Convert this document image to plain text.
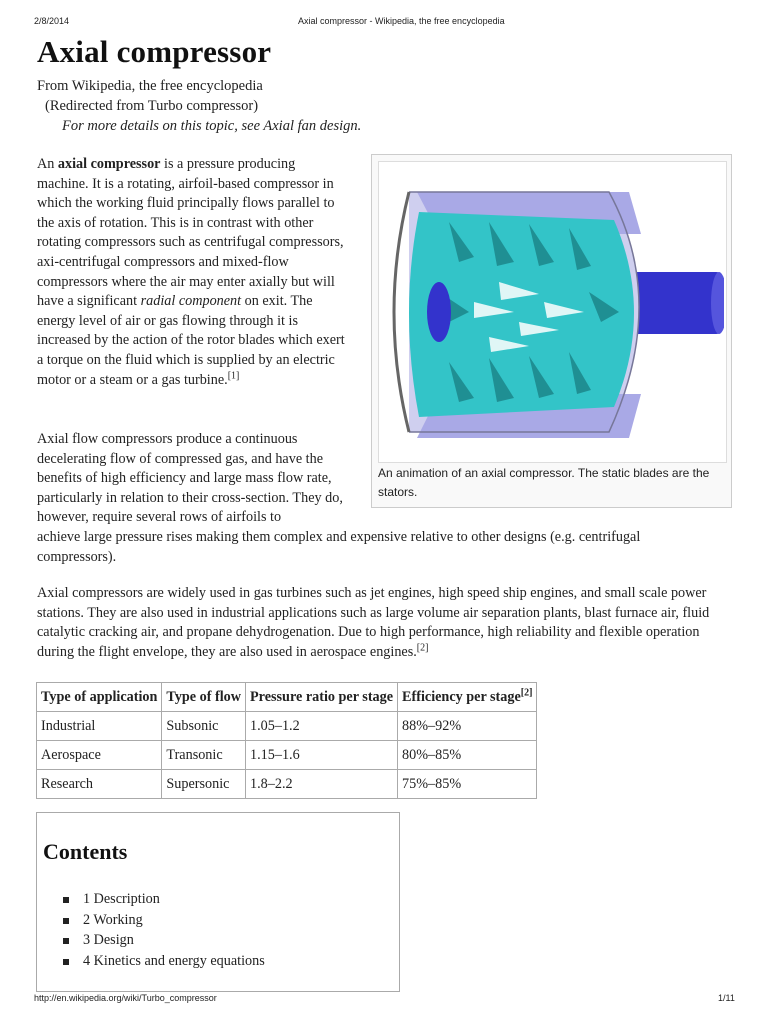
2/8/2014	Axial compressor - Wikipedia, the free encyclopedia
Axial compressor
From Wikipedia, the free encyclopedia
(Redirected from Turbo compressor)
For more details on this topic, see Axial fan design.

An axial compressor is a pressure producing machine. It is a rotating, airfoil-based compressor in which the working fluid principally flows parallel to the axis of rotation. This is in contrast with other rotating compressors such as centrifugal compressors, axi-centrifugal compressors and mixed-flow compressors where the air may enter axially but will have a significant radial component on exit. The energy level of air or gas flowing through it is increased by the action of the rotor blades which exert a torque on the fluid which is supplied by an electric motor or a steam or a gas turbine.[1]

Axial flow compressors produce a continuous decelerating flow of compressed gas, and have the benefits of high efficiency and large mass flow rate, particularly in relation to their cross-section. They do, however, require several rows of airfoils to

achieve large pressure rises making them complex and expensive relative to other designs (e.g. centrifugal compressors).

Axial compressors are widely used in gas turbines such as jet engines, high speed ship engines, and small scale power stations. They are also used in industrial applications such as large volume air separation plants, blast furnace air, fluid catalytic cracking air, and propane dehydrogenation. Due to high performance, high reliability and flexible operation during the flight envelope, they are also used in aerospace engines.[2]

An animation of an axial compressor. The static blades are the stators.
Type of application	Type of flow	Pressure ratio per stage	Efficiency per stage[2]
Industrial	Subsonic	1.05–1.2	88%–92%
Aerospace	Transonic	1.15–1.6	80%–85%
Research	Supersonic	1.8–2.2	75%–85%
Contents
1 Description
2 Working
3 Design
4 Kinetics and energy equations
http://en.wikipedia.org/wiki/Turbo_compressor	1/11
